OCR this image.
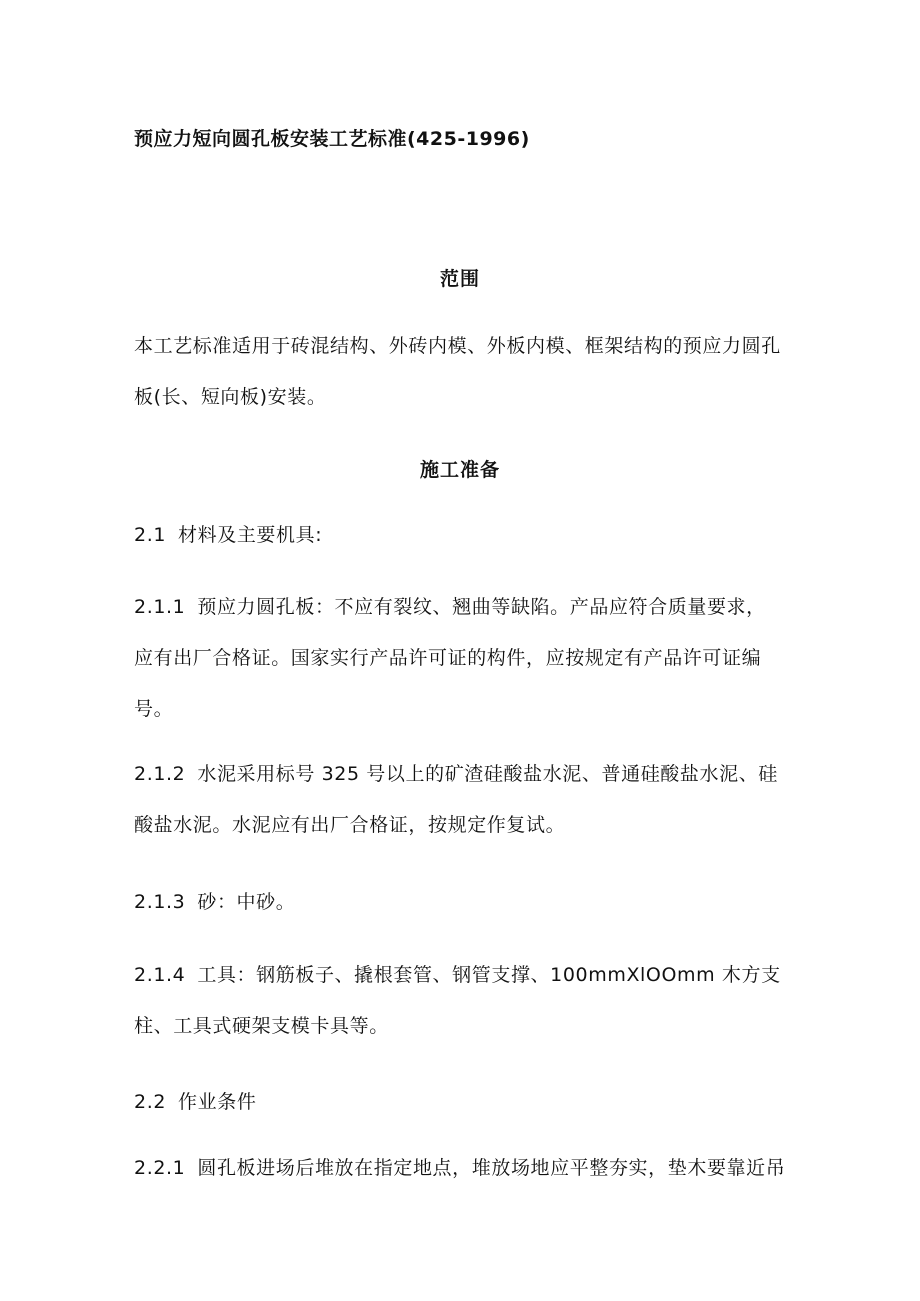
预应力短向圆孔板安装工艺标准(425-1996)
范围
本工艺标准适用于砖混结构、外砖内模、外板内模、框架结构的预应力圆孔
板(长、短向板)安装。
施工准备
2.1 材料及主要机具:
2.1.1 预应力圆孔板：不应有裂纹、翘曲等缺陷。产品应符合质量要求，
应有出厂合格证。国家实行产品许可证的构件，应按规定有产品许可证编
号。
2.1.2 水泥采用标号 325 号以上的矿渣硅酸盐水泥、普通硅酸盐水泥、硅
酸盐水泥。水泥应有出厂合格证，按规定作复试。
2.1.3 砂：中砂。
2.1.4 工具：钢筋板子、撬根套管、钢管支撑、100mmXlOOmm 木方支
柱、工具式硬架支模卡具等。
2.2 作业条件
2.2.1 圆孔板进场后堆放在指定地点，堆放场地应平整夯实，垫木要靠近吊
